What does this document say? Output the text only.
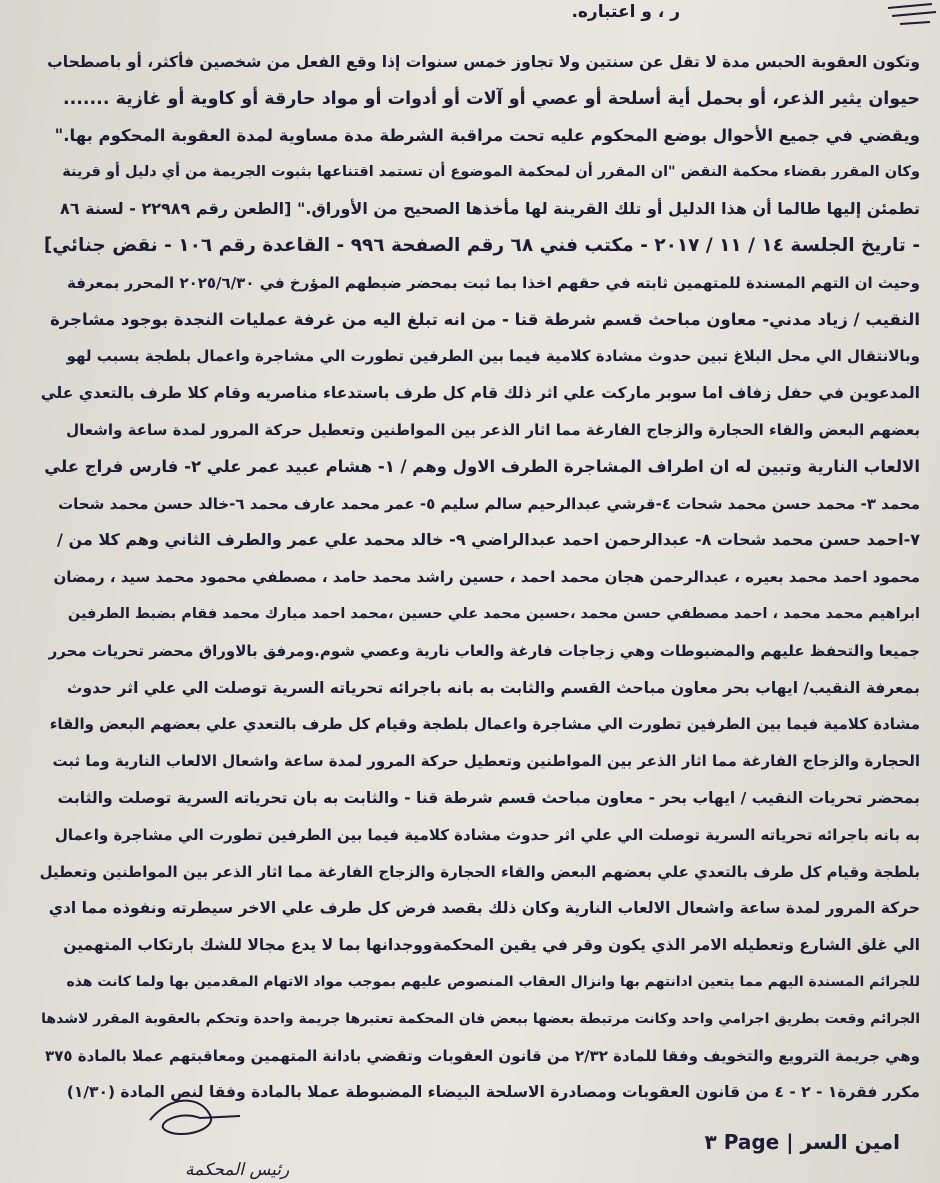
ر ، و اعتباره.
وتكون العقوبة الحبس مدة لا تقل عن سنتين ولا تجاوز خمس سنوات إذا وقع الفعل من شخصين فأكثر، أو باصطحاب
حيوان يثير الذعر، أو بحمل أية أسلحة أو عصي أو آلات أو أدوات أو مواد حارقة أو كاوية أو غازية .......
ويقضي في جميع الأحوال بوضع المحكوم عليه تحت مراقبة الشرطة مدة مساوية لمدة العقوبة المحكوم بها."
وكان المقرر بقضاء محكمة النقض "ان المقرر أن لمحكمة الموضوع أن تستمد اقتناعها بثبوت الجريمة من أي دليل أو قرينة
تطمئن إليها طالما أن هذا الدليل أو تلك القرينة لها مأخذها الصحيح من الأوراق." [الطعن رقم ٢٢٩٨٩ - لسنة ٨٦
- تاريخ الجلسة ١٤ / ١١ / ٢٠١٧ - مكتب فني ٦٨ رقم الصفحة ٩٩٦ - القاعدة رقم ١٠٦ - نقض جنائي]
وحيث ان التهم المسندة للمتهمين ثابته في حقهم اخذا بما ثبت بمحضر ضبطهم المؤرخ في ٢٠٢٥/٦/٣٠ المحرر بمعرفة
النقيب / زياد مدني- معاون مباحث قسم شرطة قنا - من انه تبلغ اليه من غرفة عمليات النجدة بوجود مشاجرة
وبالانتقال الي محل البلاغ تبين حدوث مشادة كلامية فيما بين الطرفين تطورت الي مشاجرة واعمال بلطجة بسبب لهو
المدعوين في حفل زفاف اما سوبر ماركت علي اثر ذلك قام كل طرف باستدعاء مناصريه وقام كلا طرف بالتعدي علي
بعضهم البعض والقاء الحجارة والزجاج الفارغة مما اثار الذعر بين المواطنين وتعطيل حركة المرور لمدة ساعة واشعال
الالعاب النارية وتبين له ان اطراف المشاجرة الطرف الاول وهم / ١- هشام عبيد عمر علي ٢- فارس فراج علي
محمد ٣- محمد حسن محمد شحات ٤-قرشي عبدالرحيم سالم سليم ٥- عمر محمد عارف محمد ٦-خالد حسن محمد شحات
٧-احمد حسن محمد شحات ٨- عبدالرحمن احمد عبدالراضي ٩- خالد محمد علي عمر والطرف الثاني وهم كلا من /
محمود احمد محمد بعيره ، عبدالرحمن هجان محمد احمد ، حسين راشد محمد حامد ، مصطفي محمود محمد سيد ، رمضان
ابراهيم محمد محمد ، احمد مصطفي حسن محمد ،حسين محمد علي حسين ،محمد احمد مبارك محمد فقام بضبط الطرفين
جميعا والتحفظ عليهم والمضبوطات وهي زجاجات فارغة والعاب نارية وعصي شوم.ومرفق بالاوراق محضر تحريات محرر
بمعرفة النقيب/ ايهاب بحر معاون مباحث القسم والثابت به بانه باجرائه تحرياته السرية توصلت الي علي اثر حدوث
مشادة كلامية فيما بين الطرفين تطورت الي مشاجرة واعمال بلطجة وقيام كل طرف بالتعدي علي بعضهم البعض والقاء
الحجارة والزجاج الفارغة مما اثار الذعر بين المواطنين وتعطيل حركة المرور لمدة ساعة واشعال الالعاب النارية وما ثبت
بمحضر تحريات النقيب / ايهاب بحر - معاون مباحث قسم شرطة قنا - والثابت به بان تحرياته السرية توصلت والثابت
به بانه باجرائه تحرياته السرية توصلت الي علي اثر حدوث مشادة كلامية فيما بين الطرفين تطورت الي مشاجرة واعمال
بلطجة وقيام كل طرف بالتعدي علي بعضهم البعض والقاء الحجارة والزجاج الفارغة مما اثار الذعر بين المواطنين وتعطيل
حركة المرور لمدة ساعة واشعال الالعاب النارية وكان ذلك بقصد فرض كل طرف علي الاخر سيطرته ونفوذه مما ادي
الي غلق الشارع وتعطيله الامر الذي يكون وقر في يقين المحكمةووجدانها بما لا يدع مجالا للشك بارتكاب المتهمين
للجرائم المسندة اليهم مما يتعين ادانتهم بها وانزال العقاب المنصوص عليهم بموجب مواد الاتهام المقدمين بها ولما كانت هذه
الجرائم وقعت بطريق اجرامي واحد وكانت مرتبطة بعضها ببعض فان المحكمة تعتبرها جريمة واحدة وتحكم بالعقوبة المقرر لاشدها
وهي جريمة الترويع والتخويف وفقا للمادة ٢/٣٢ من قانون العقوبات وتقضي بادانة المتهمين ومعاقبتهم عملا بالمادة ٣٧٥
مكرر فقرة١ - ٢ - ٤ من قانون العقوبات ومصادرة الاسلحة البيضاء المضبوطة عملا بالمادة وفقا لنص المادة (١/٣٠)
امين السر | Page ٣
رئيس المحكمة
